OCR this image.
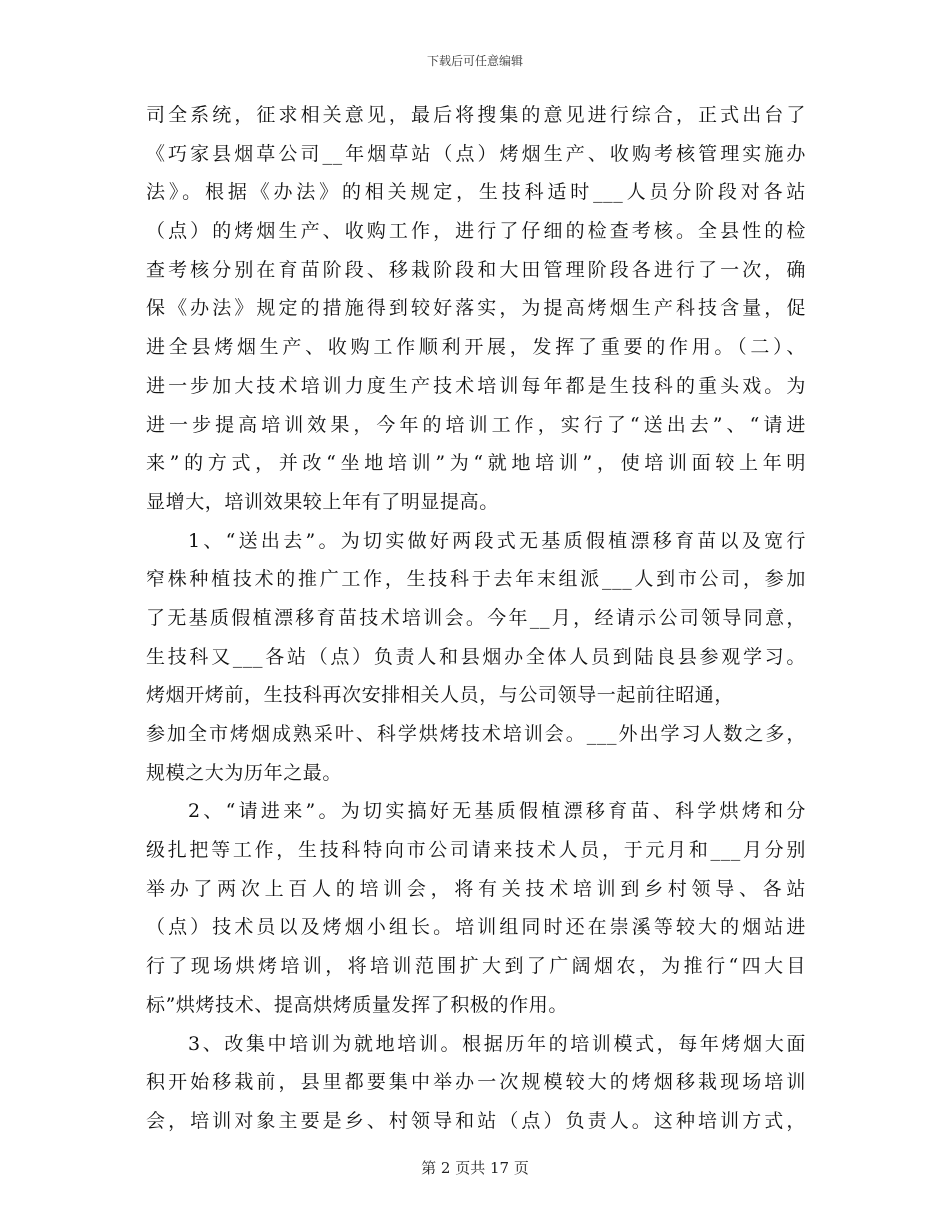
下载后可任意编辑
司全系统，征求相关意见，最后将搜集的意见进行综合，正式出台了
《巧家县烟草公司__年烟草站（点）烤烟生产、收购考核管理实施办
法》。根据《办法》的相关规定，生技科适时___人员分阶段对各站
（点）的烤烟生产、收购工作，进行了仔细的检查考核。全县性的检
查考核分别在育苗阶段、移栽阶段和大田管理阶段各进行了一次，确
保《办法》规定的措施得到较好落实，为提高烤烟生产科技含量，促
进全县烤烟生产、收购工作顺利开展，发挥了重要的作用。（二）、
进一步加大技术培训力度生产技术培训每年都是生技科的重头戏。为
进一步提高培训效果，今年的培训工作，实行了“送出去”、“请进
来”的方式，并改“坐地培训”为“就地培训”，使培训面较上年明
显增大，培训效果较上年有了明显提高。
1、“送出去”。为切实做好两段式无基质假植漂移育苗以及宽行
窄株种植技术的推广工作，生技科于去年末组派___人到市公司，参加
了无基质假植漂移育苗技术培训会。今年__月，经请示公司领导同意，
生技科又___各站（点）负责人和县烟办全体人员到陆良县参观学习。
烤烟开烤前，生技科再次安排相关人员，与公司领导一起前往昭通，
参加全市烤烟成熟采叶、科学烘烤技术培训会。___外出学习人数之多，
规模之大为历年之最。
2、“请进来”。为切实搞好无基质假植漂移育苗、科学烘烤和分
级扎把等工作，生技科特向市公司请来技术人员，于元月和___月分别
举办了两次上百人的培训会，将有关技术培训到乡村领导、各站
（点）技术员以及烤烟小组长。培训组同时还在崇溪等较大的烟站进
行了现场烘烤培训，将培训范围扩大到了广阔烟农，为推行“四大目
标”烘烤技术、提高烘烤质量发挥了积极的作用。
3、改集中培训为就地培训。根据历年的培训模式，每年烤烟大面
积开始移栽前，县里都要集中举办一次规模较大的烤烟移栽现场培训
会，培训对象主要是乡、村领导和站（点）负责人。这种培训方式，
第 2 页共 17 页
